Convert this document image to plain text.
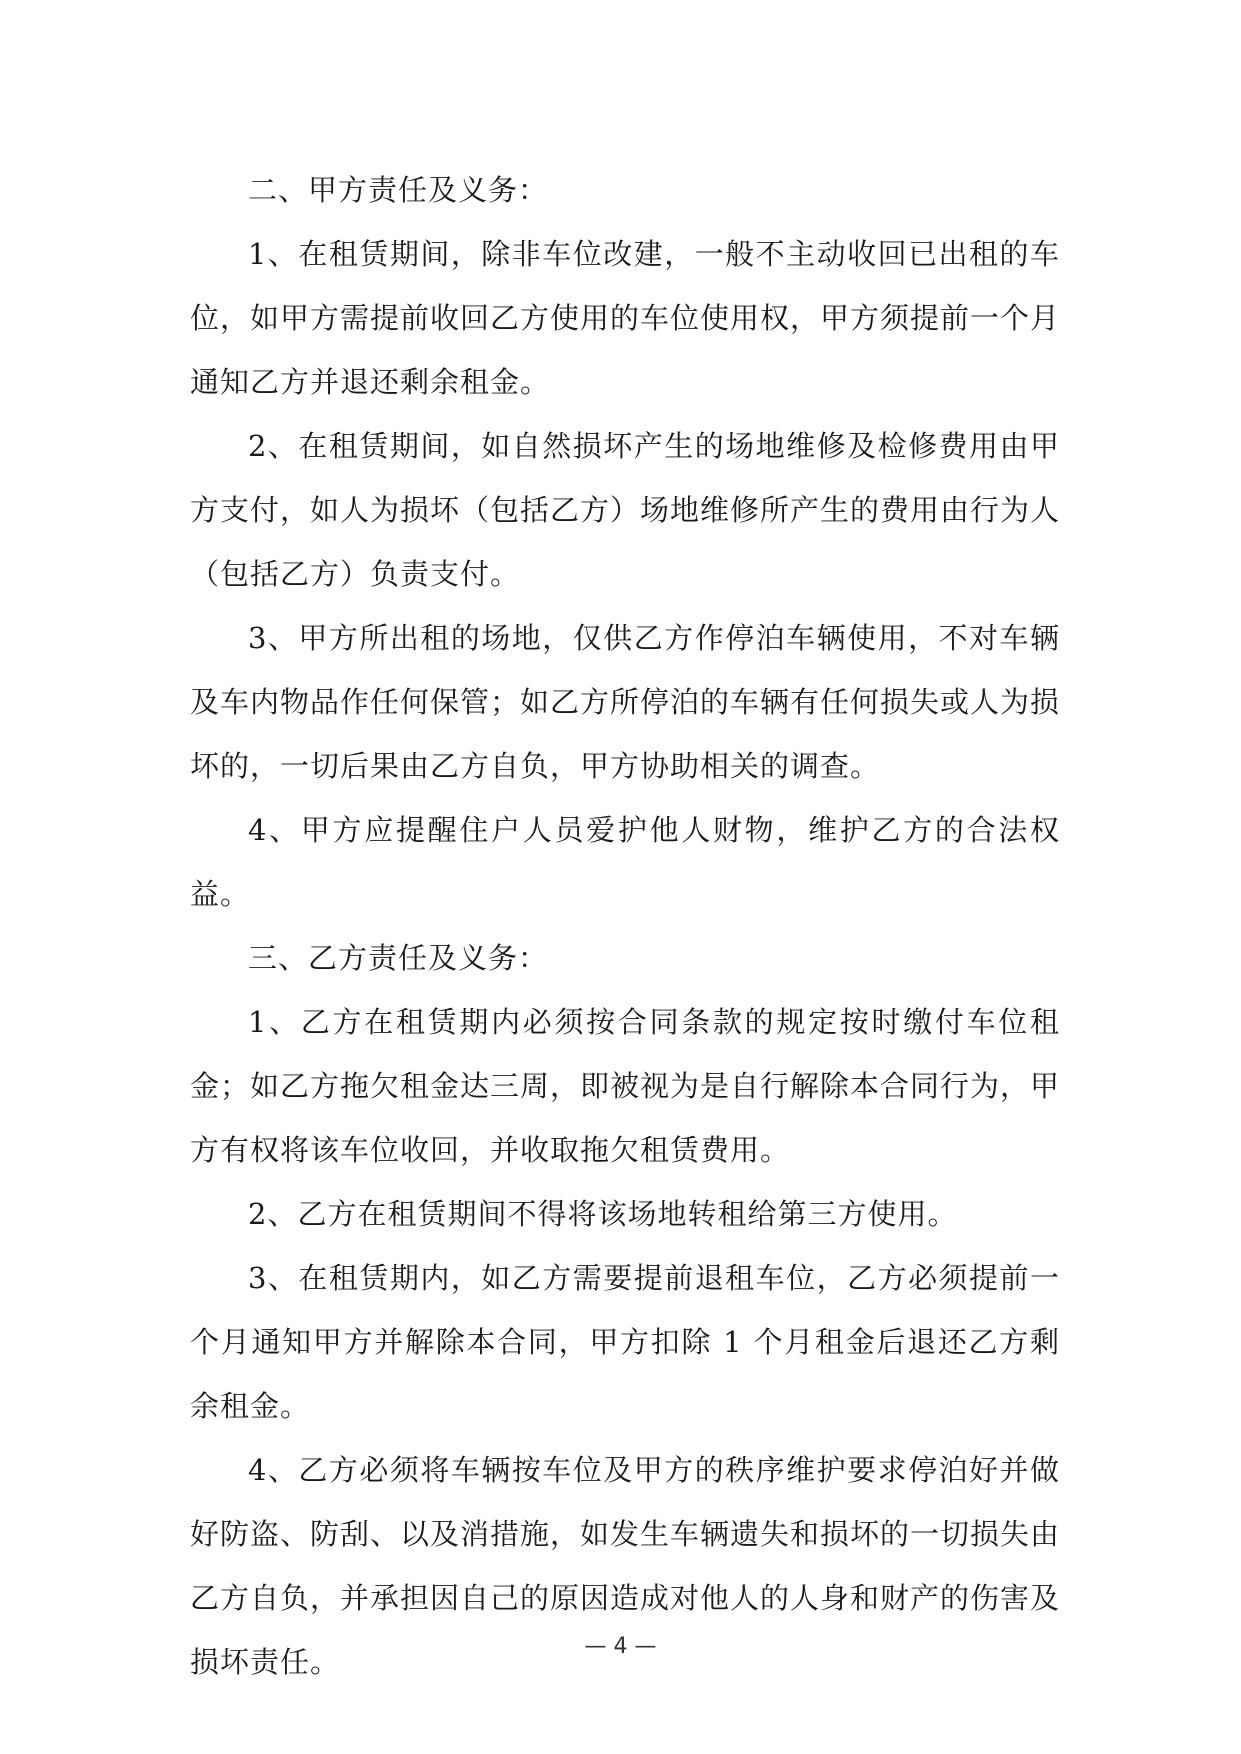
二、甲方责任及义务：

1、在租赁期间，除非车位改建，一般不主动收回已出租的车位，如甲方需提前收回乙方使用的车位使用权，甲方须提前一个月通知乙方并退还剩余租金。

2、在租赁期间，如自然损坏产生的场地维修及检修费用由甲方支付，如人为损坏（包括乙方）场地维修所产生的费用由行为人（包括乙方）负责支付。

3、甲方所出租的场地，仅供乙方作停泊车辆使用，不对车辆及车内物品作任何保管；如乙方所停泊的车辆有任何损失或人为损坏的，一切后果由乙方自负，甲方协助相关的调查。

4、甲方应提醒住户人员爱护他人财物，维护乙方的合法权益。

三、乙方责任及义务：

1、乙方在租赁期内必须按合同条款的规定按时缴付车位租金；如乙方拖欠租金达三周，即被视为是自行解除本合同行为，甲方有权将该车位收回，并收取拖欠租赁费用。

2、乙方在租赁期间不得将该场地转租给第三方使用。

3、在租赁期内，如乙方需要提前退租车位，乙方必须提前一个月通知甲方并解除本合同，甲方扣除 1 个月租金后退还乙方剩余租金。

4、乙方必须将车辆按车位及甲方的秩序维护要求停泊好并做好防盗、防刮、以及消措施，如发生车辆遗失和损坏的一切损失由乙方自负，并承担因自己的原因造成对他人的人身和财产的伤害及损坏责任。	— 4 —
